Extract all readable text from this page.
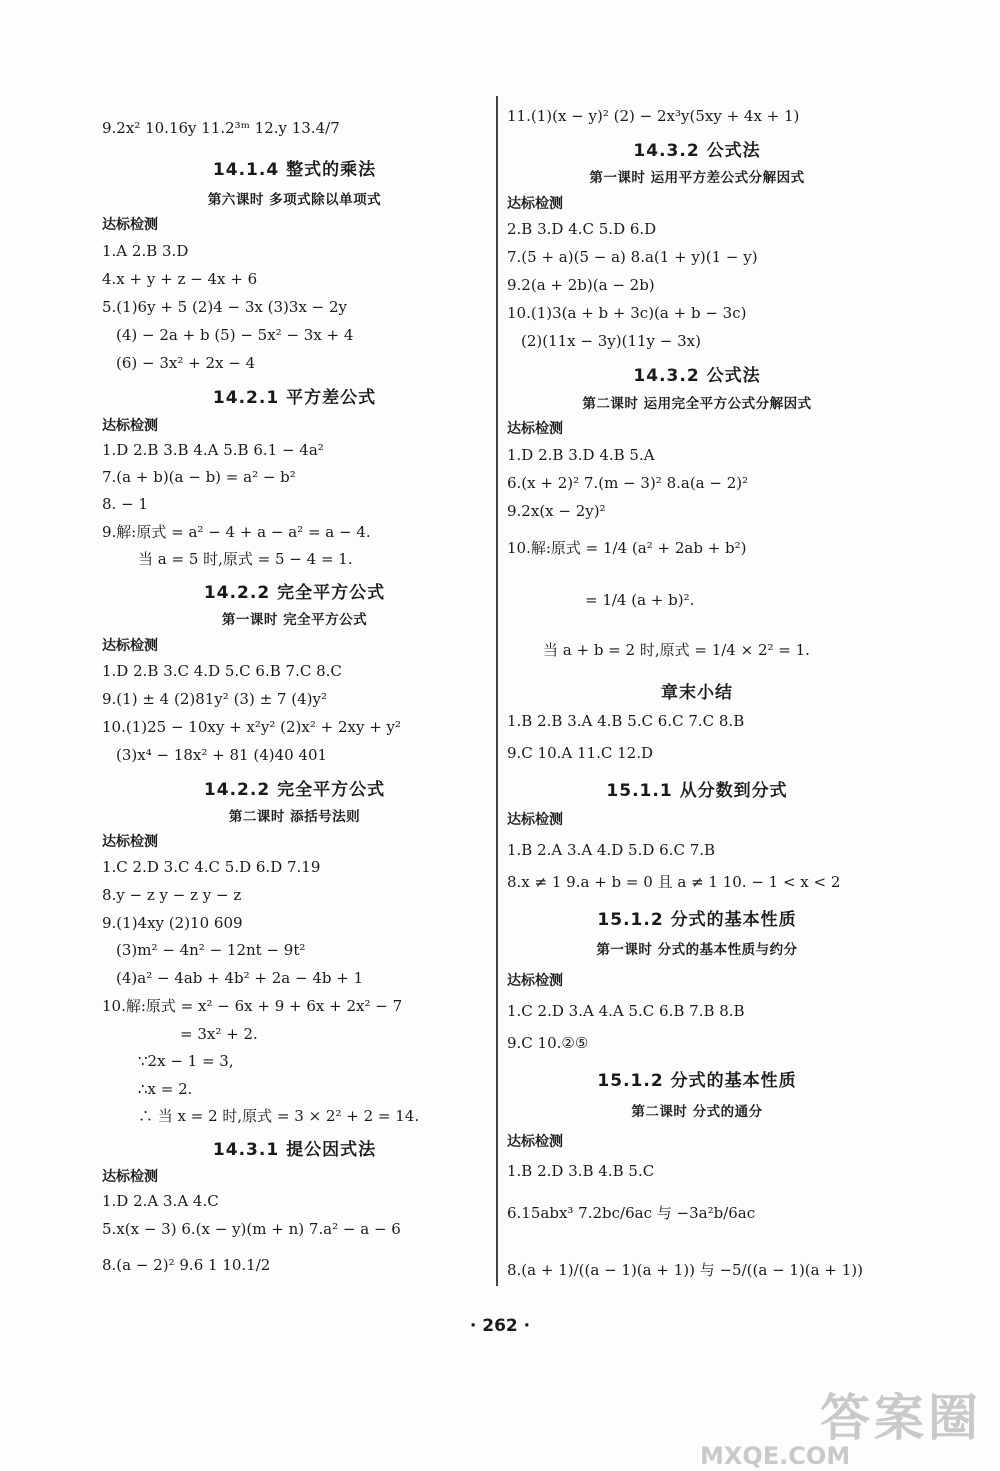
9.2x² 10.16y 11.2³ᵐ 12.y 13.4/7
14.1.4 整式的乘法
第六课时 多项式除以单项式
达标检测
1.A 2.B 3.D
4.x + y + z − 4x + 6
5.(1)6y + 5 (2)4 − 3x (3)3x − 2y
(4) − 2a + b (5) − 5x² − 3x + 4
(6) − 3x² + 2x − 4
14.2.1 平方差公式
达标检测
1.D 2.B 3.B 4.A 5.B 6.1 − 4a²
7.(a + b)(a − b) = a² − b²
8. − 1
9.解:原式 = a² − 4 + a − a² = a − 4.
当 a = 5 时,原式 = 5 − 4 = 1.
14.2.2 完全平方公式
第一课时 完全平方公式
达标检测
1.D 2.B 3.C 4.D 5.C 6.B 7.C 8.C
9.(1) ± 4 (2)81y² (3) ± 7 (4)y²
10.(1)25 − 10xy + x²y² (2)x² + 2xy + y²
(3)x⁴ − 18x² + 81 (4)40 401
14.2.2 完全平方公式
第二课时 添括号法则
达标检测
1.C 2.D 3.C 4.C 5.D 6.D 7.19
8.y − z y − z y − z
9.(1)4xy (2)10 609
(3)m² − 4n² − 12nt − 9t²
(4)a² − 4ab + 4b² + 2a − 4b + 1
10.解:原式 = x² − 6x + 9 + 6x + 2x² − 7
= 3x² + 2.
∵2x − 1 = 3,
∴x = 2.
∴ 当 x = 2 时,原式 = 3 × 2² + 2 = 14.
14.3.1 提公因式法
达标检测
1.D 2.A 3.A 4.C
5.x(x − 3) 6.(x − y)(m + n) 7.a² − a − 6
8.(a − 2)² 9.6 1 10.1/2
11.(1)(x − y)² (2) − 2x³y(5xy + 4x + 1)
14.3.2 公式法
第一课时 运用平方差公式分解因式
达标检测
2.B 3.D 4.C 5.D 6.D
7.(5 + a)(5 − a) 8.a(1 + y)(1 − y)
9.2(a + 2b)(a − 2b)
10.(1)3(a + b + 3c)(a + b − 3c)
(2)(11x − 3y)(11y − 3x)
14.3.2 公式法
第二课时 运用完全平方公式分解因式
达标检测
1.D 2.B 3.D 4.B 5.A
6.(x + 2)² 7.(m − 3)² 8.a(a − 2)²
9.2x(x − 2y)²
10.解:原式 = 1/4 (a² + 2ab + b²)
= 1/4 (a + b)².
当 a + b = 2 时,原式 = 1/4 × 2² = 1.
章末小结
1.B 2.B 3.A 4.B 5.C 6.C 7.C 8.B
9.C 10.A 11.C 12.D
15.1.1 从分数到分式
达标检测
1.B 2.A 3.A 4.D 5.D 6.C 7.B
8.x ≠ 1 9.a + b = 0 且 a ≠ 1 10. − 1 < x < 2
15.1.2 分式的基本性质
第一课时 分式的基本性质与约分
达标检测
1.C 2.D 3.A 4.A 5.C 6.B 7.B 8.B
9.C 10.②⑤
15.1.2 分式的基本性质
第二课时 分式的通分
达标检测
1.B 2.D 3.B 4.B 5.C
6.15abx³ 7.2bc/6ac 与 −3a²b/6ac
8.(a + 1)/((a − 1)(a + 1)) 与 −5/((a − 1)(a + 1))
· 262 ·
答案圈
MXQE.COM
